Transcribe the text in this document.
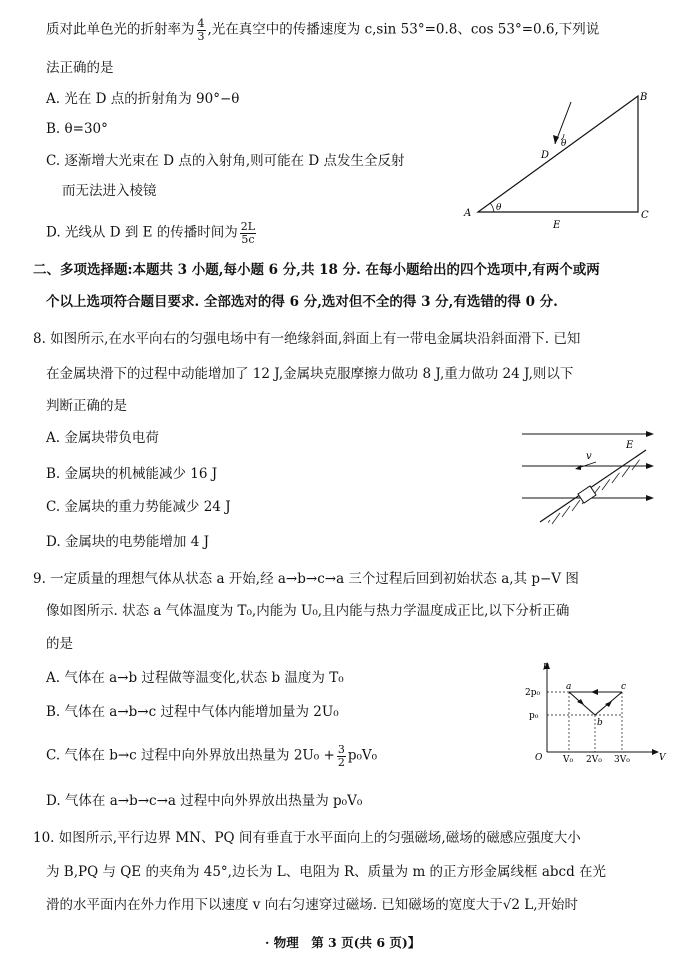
质对此单色光的折射率为 $\frac{4}{3}$ ,光在真空中的传播速度为 c,sin 53°=0.8、cos 53°=0.6,下列说
法正确的是
A. 光在 D 点的折射角为 90°−θ
B. θ=30°
C. 逐渐增大光束在 D 点的入射角,则可能在 D 点发生全反射
而无法进入棱镜
D. 光线从 D 到 E 的传播时间为 $\frac{2L}{5c}$
A
B
C
D
E
θ
θ
二、多项选择题:本题共 3 小题,每小题 6 分,共 18 分. 在每小题给出的四个选项中,有两个或两
个以上选项符合题目要求. 全部选对的得 6 分,选对但不全的得 3 分,有选错的得 0 分.
8. 如图所示,在水平向右的匀强电场中有一绝缘斜面,斜面上有一带电金属块沿斜面滑下. 已知
在金属块滑下的过程中动能增加了 12 J,金属块克服摩擦力做功 8 J,重力做功 24 J,则以下
判断正确的是
A. 金属块带负电荷
B. 金属块的机械能减少 16 J
C. 金属块的重力势能减少 24 J
D. 金属块的电势能增加 4 J
v
E
9. 一定质量的理想气体从状态 a 开始,经 a→b→c→a 三个过程后回到初始状态 a,其 p−V 图
像如图所示. 状态 a 气体温度为 T₀,内能为 U₀,且内能与热力学温度成正比,以下分析正确
的是
A. 气体在 a→b 过程做等温变化,状态 b 温度为 T₀
B. 气体在 a→b→c 过程中气体内能增加量为 2U₀
C. 气体在 b→c 过程中向外界放出热量为 $2U_0 + \frac{3}{2} p_0V_0$
D. 气体在 a→b→c→a 过程中向外界放出热量为 p₀V₀
p
V
O
2p₀
p₀
V₀ 2V₀ 3V₀
a
b
c
10. 如图所示,平行边界 MN、PQ 间有垂直于水平面向上的匀强磁场,磁场的磁感应强度大小
为 B,PQ 与 QE 的夹角为 45°,边长为 L、电阻为 R、质量为 m 的正方形金属线框 abcd 在光
滑的水平面内在外力作用下以速度 v 向右匀速穿过磁场. 已知磁场的宽度大于√2 L,开始时
· 物理　第 3 页(共 6 页)】
